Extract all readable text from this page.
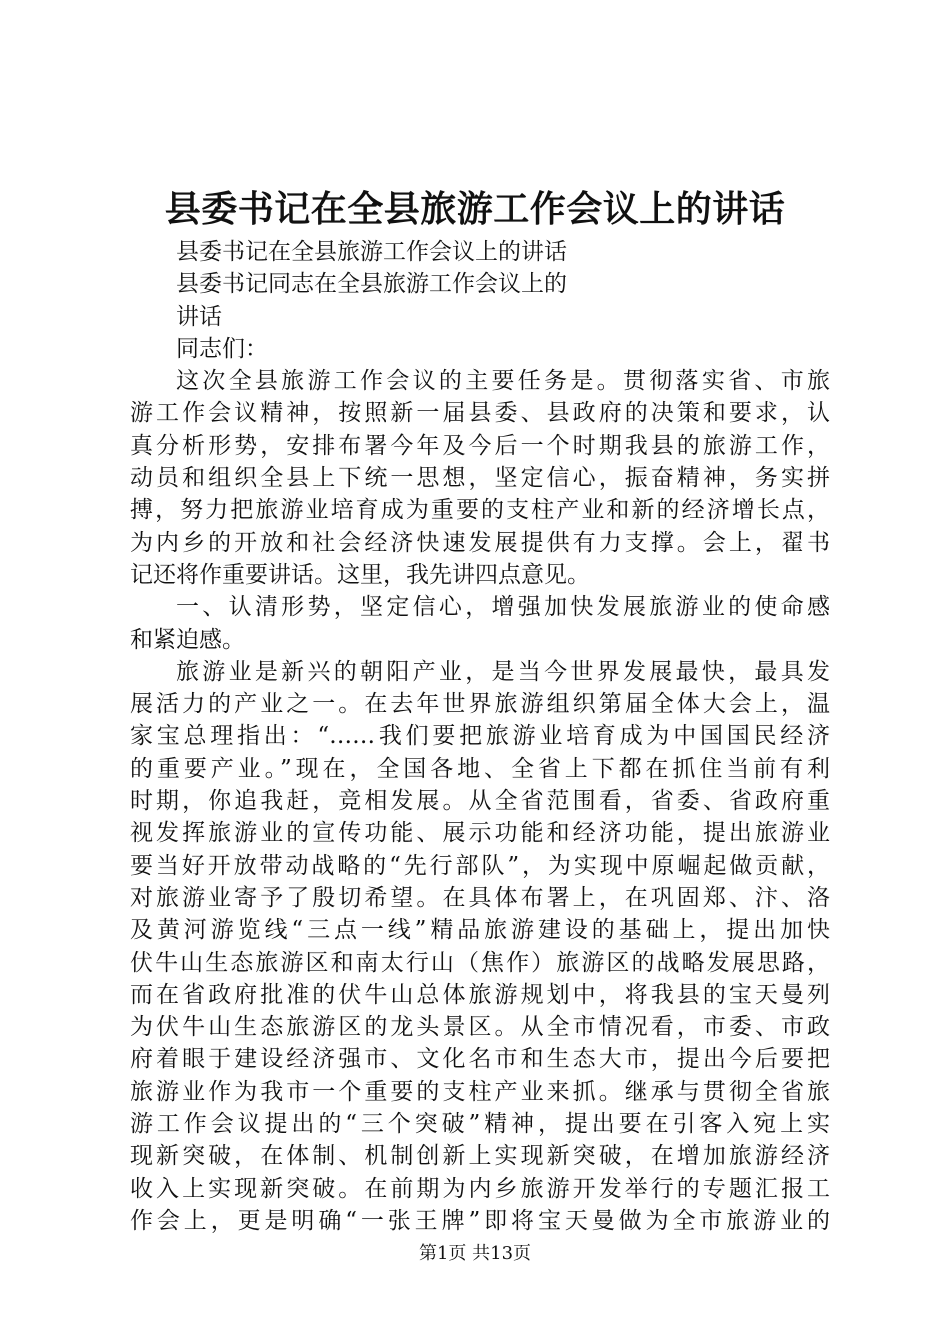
县委书记在全县旅游工作会议上的讲话
县委书记在全县旅游工作会议上的讲话
县委书记同志在全县旅游工作会议上的
讲话
同志们：
这次全县旅游工作会议的主要任务是。贯彻落实省、市旅
游工作会议精神，按照新一届县委、县政府的决策和要求，认
真分析形势，安排布署今年及今后一个时期我县的旅游工作，
动员和组织全县上下统一思想，坚定信心，振奋精神，务实拼
搏，努力把旅游业培育成为重要的支柱产业和新的经济增长点，
为内乡的开放和社会经济快速发展提供有力支撑。会上，翟书
记还将作重要讲话。这里，我先讲四点意见。
一、认清形势，坚定信心，增强加快发展旅游业的使命感
和紧迫感。
旅游业是新兴的朝阳产业，是当今世界发展最快，最具发
展活力的产业之一。在去年世界旅游组织第届全体大会上，温
家宝总理指出：“……我们要把旅游业培育成为中国国民经济
的重要产业。”现在，全国各地、全省上下都在抓住当前有利
时期，你追我赶，竞相发展。从全省范围看，省委、省政府重
视发挥旅游业的宣传功能、展示功能和经济功能，提出旅游业
要当好开放带动战略的“先行部队”，为实现中原崛起做贡献，
对旅游业寄予了殷切希望。在具体布署上，在巩固郑、汴、洛
及黄河游览线“三点一线”精品旅游建设的基础上，提出加快
伏牛山生态旅游区和南太行山（焦作）旅游区的战略发展思路，
而在省政府批准的伏牛山总体旅游规划中，将我县的宝天曼列
为伏牛山生态旅游区的龙头景区。从全市情况看，市委、市政
府着眼于建设经济强市、文化名市和生态大市，提出今后要把
旅游业作为我市一个重要的支柱产业来抓。继承与贯彻全省旅
游工作会议提出的“三个突破”精神，提出要在引客入宛上实
现新突破，在体制、机制创新上实现新突破，在增加旅游经济
收入上实现新突破。在前期为内乡旅游开发举行的专题汇报工
作会上，更是明确“一张王牌”即将宝天曼做为全市旅游业的
第1页 共13页
